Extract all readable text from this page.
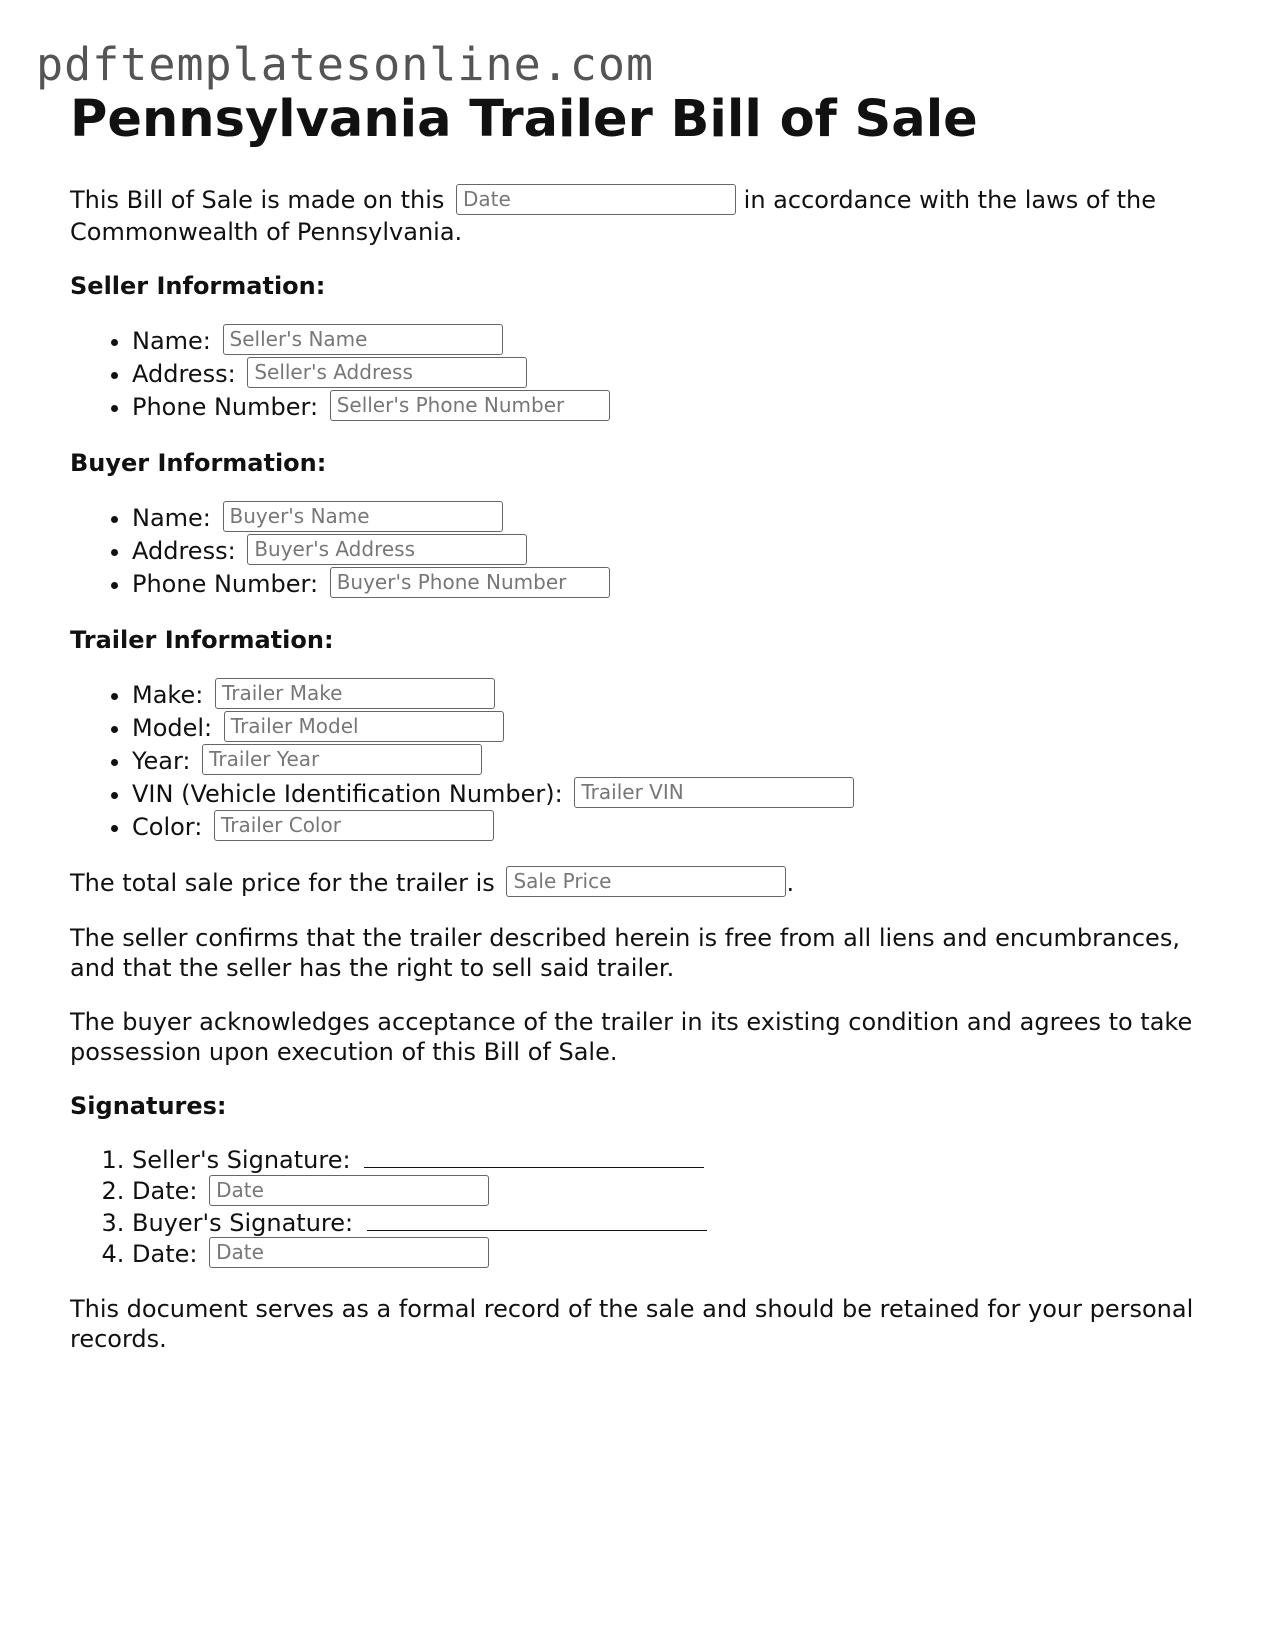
pdftemplatesonline.com
Pennsylvania Trailer Bill of Sale

This Bill of Sale is made on this Date	in accordance with the laws of the Commonwealth of Pennsylvania.

Seller Information:
• Name: Seller's Name
• Address: Seller's Address
• Phone Number: Seller's Phone Number
Buyer Information:
• Name: Buyer's Name
• Address: Buyer's Address
• Phone Number: Buyer's Phone Number
Trailer Information:
• Make: Trailer Make
• Model: Trailer Model
• Year: Trailer Year
• VIN (Vehicle Identification Number): Trailer VIN
• Color: Trailer Color

The total sale price for the trailer is Sale Price	.

The seller confirms that the trailer described herein is free from all liens and encumbrances, and that the seller has the right to sell said trailer.

The buyer acknowledges acceptance of the trailer in its existing condition and agrees to take possession upon execution of this Bill of Sale.

Signatures:
1. Seller's Signature:
2. Date: Date
3. Buyer's Signature:
4. Date: Date

This document serves as a formal record of the sale and should be retained for your personal records.
